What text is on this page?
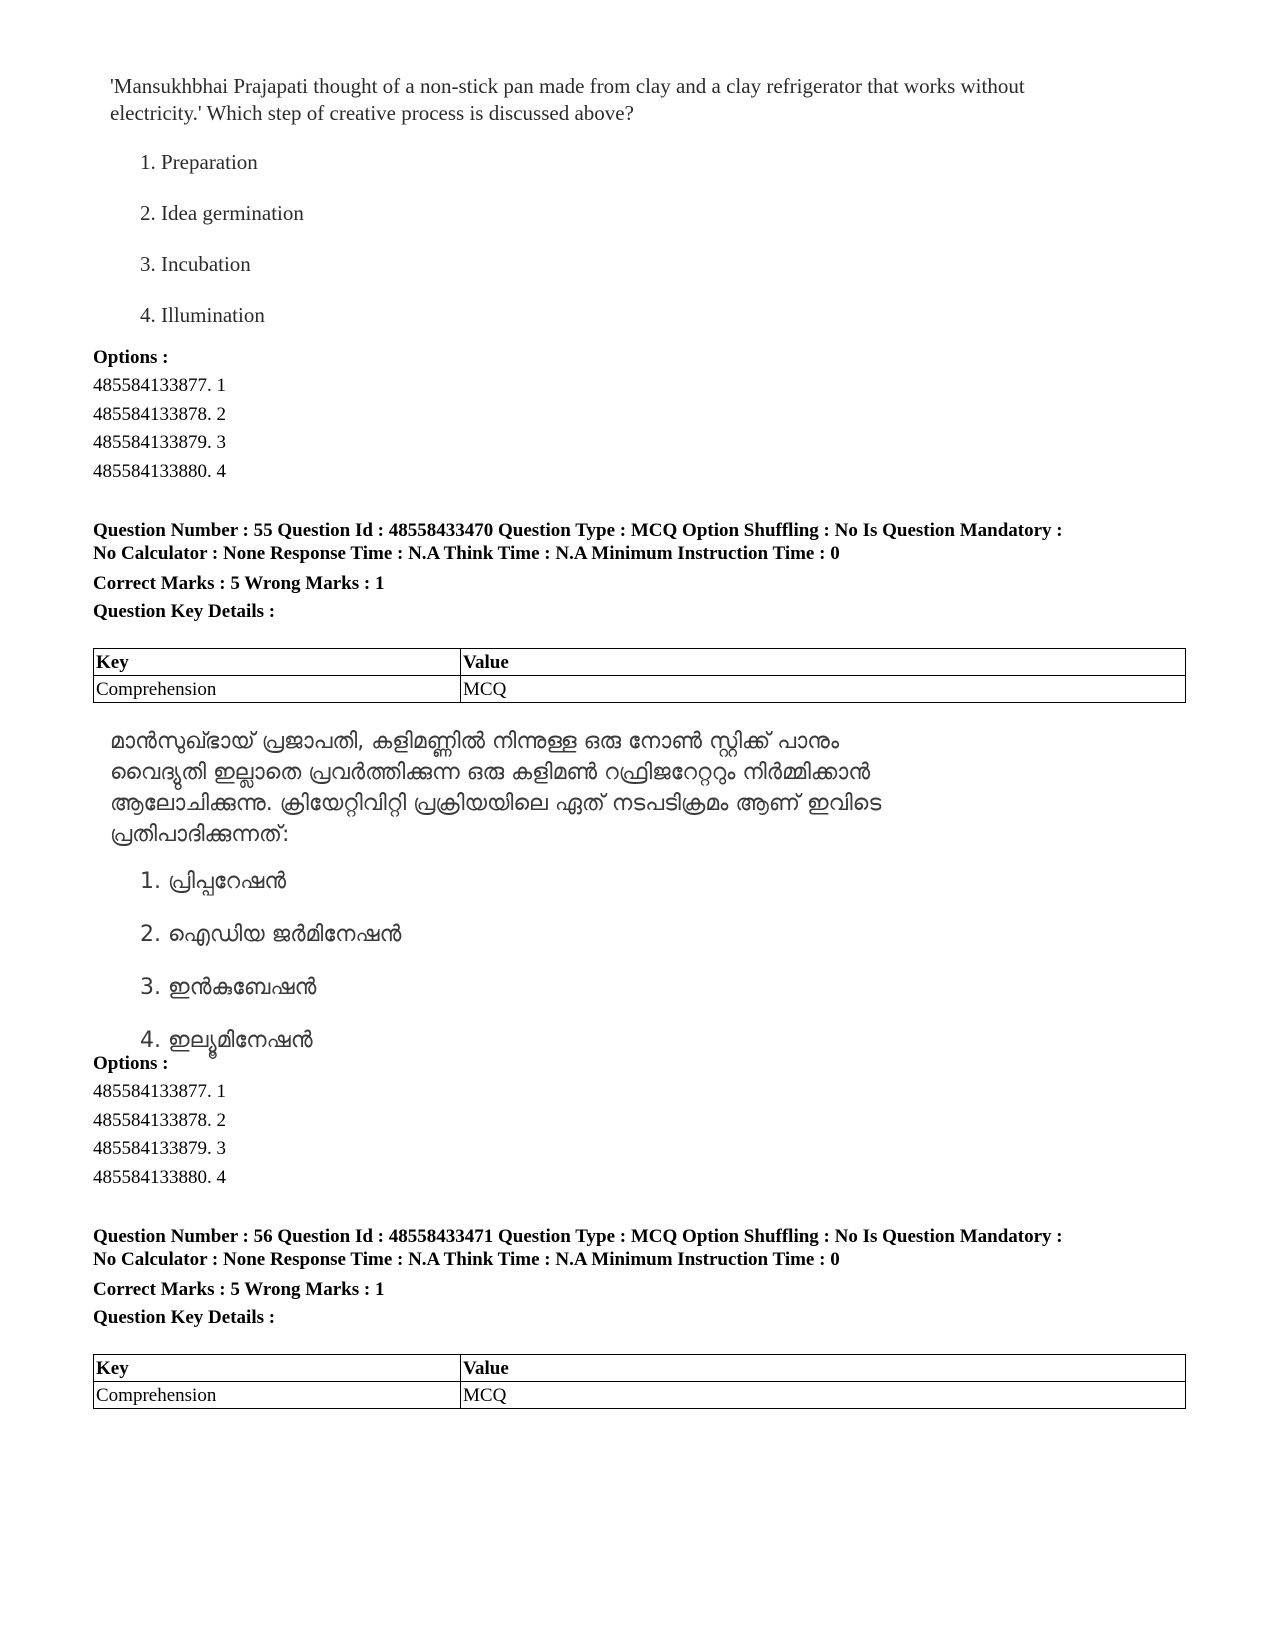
'Mansukhbhai Prajapati thought of a non-stick pan made from clay and a clay refrigerator that works without

electricity.' Which step of creative process is discussed above?

1. Preparation
2. Idea germination
3. Incubation
4. Illumination

Options :

485584133877. 1

485584133878. 2

485584133879. 3

485584133880. 4

Question Number : 55 Question Id : 48558433470 Question Type : MCQ Option Shuffling : No Is Question Mandatory :

No Calculator : None Response Time : N.A Think Time : N.A Minimum Instruction Time : 0

Correct Marks : 5 Wrong Marks : 1

Question Key Details :

Key	Value
Comprehension	MCQ

മാൻസുഖ്ഭായ് പ്രജാപതി, കളിമണ്ണിൽ നിന്നുള്ള ഒരു നോൺ സ്റ്റിക്ക് പാനും

വൈദ്യുതി ഇല്ലാതെ പ്രവർത്തിക്കുന്ന ഒരു കളിമൺ റഫ്രിജറേറ്ററും നിർമ്മിക്കാൻ

ആലോചിക്കുന്നു. ക്രിയേറ്റിവിറ്റി പ്രക്രിയയിലെ ഏത് നടപടിക്രമം ആണ് ഇവിടെ

പ്രതിപാദിക്കുന്നത്:

1. പ്രിപ്പറേഷൻ
2. ഐഡിയ ജർമിനേഷൻ
3. ഇൻകുബേഷൻ
4. ഇല്യൂമിനേഷൻ

Options :

485584133877. 1

485584133878. 2

485584133879. 3

485584133880. 4

Question Number : 56 Question Id : 48558433471 Question Type : MCQ Option Shuffling : No Is Question Mandatory :

No Calculator : None Response Time : N.A Think Time : N.A Minimum Instruction Time : 0

Correct Marks : 5 Wrong Marks : 1

Question Key Details :

Key	Value
Comprehension	MCQ
